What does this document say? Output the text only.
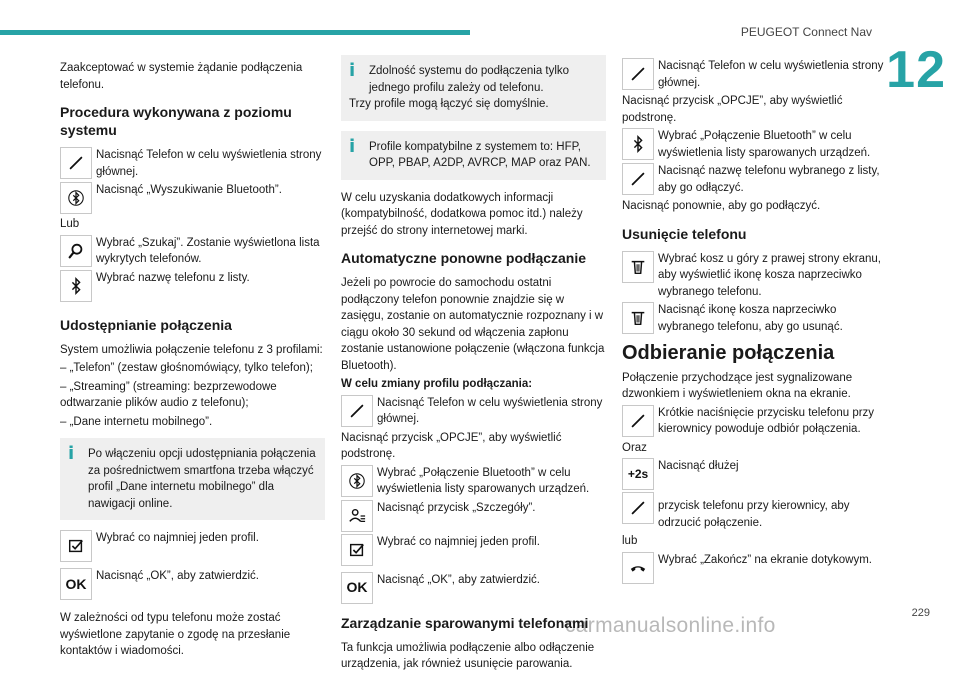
PEUGEOT Connect Nav
12
229
carmanualsonline.info

Zaakceptować w systemie żądanie podłączenia telefonu.

Procedura wykonywana z poziomu systemu
Nacisnąć Telefon w celu wyświetlenia strony głównej.
Nacisnąć „Wyszukiwanie Bluetooth”.
Lub
Wybrać „Szukaj”. Zostanie wyświetlona lista wykrytych telefonów.
Wybrać nazwę telefonu z listy.
Udostępnianie połączenia
System umożliwia połączenie telefonu z 3 profilami:
– „Telefon” (zestaw głośnomówiący, tylko telefon);
– „Streaming” (streaming: bezprzewodowe odtwarzanie plików audio z telefonu);
– „Dane internetu mobilnego”.
i Po włączeniu opcji udostępniania połączenia za pośrednictwem smartfona trzeba włączyć profil „Dane internetu mobilnego” dla nawigacji online.
Wybrać co najmniej jeden profil.
OK Nacisnąć „OK”, aby zatwierdzić.

W zależności od typu telefonu może zostać wyświetlone zapytanie o zgodę na przesłanie kontaktów i wiadomości.

i	Zdolność systemu do podłączenia tylko jednego profilu zależy od telefonu.
Trzy profile mogą łączyć się domyślnie.
i Profile kompatybilne z systemem to: HFP, OPP, PBAP, A2DP, AVRCP, MAP oraz PAN.

W celu uzyskania dodatkowych informacji (kompatybilność, dodatkowa pomoc itd.) należy przejść do strony internetowej marki.

Automatyczne ponowne podłączanie
Jeżeli po powrocie do samochodu ostatni podłączony telefon ponownie znajdzie się w zasięgu, zostanie on automatycznie rozpoznany i w ciągu około 30 sekund od włączenia zapłonu zostanie ustanowione połączenie (włączona funkcja Bluetooth).
W celu zmiany profilu podłączania:
Nacisnąć Telefon w celu wyświetlenia strony głównej.
Nacisnąć przycisk „OPCJE”, aby wyświetlić podstronę.
Wybrać „Połączenie Bluetooth” w celu wyświetlenia listy sparowanych urządzeń.
Nacisnąć przycisk „Szczegóły”.
Wybrać co najmniej jeden profil.
OK Nacisnąć „OK”, aby zatwierdzić.
Zarządzanie sparowanymi telefonami

Ta funkcja umożliwia podłączenie albo odłączenie urządzenia, jak również usunięcie parowania.

Nacisnąć Telefon w celu wyświetlenia strony głównej.
Nacisnąć przycisk „OPCJE”, aby wyświetlić podstronę.
Wybrać „Połączenie Bluetooth” w celu wyświetlenia listy sparowanych urządzeń.
Nacisnąć nazwę telefonu wybranego z listy, aby go odłączyć.
Nacisnąć ponownie, aby go podłączyć.
Usunięcie telefonu
Wybrać kosz u góry z prawej strony ekranu, aby wyświetlić ikonę kosza naprzeciwko wybranego telefonu.
Nacisnąć ikonę kosza naprzeciwko wybranego telefonu, aby go usunąć.
Odbieranie połączenia
Połączenie przychodzące jest sygnalizowane dzwonkiem i wyświetleniem okna na ekranie.
Krótkie naciśnięcie przycisku telefonu przy kierownicy powoduje odbiór połączenia.
Oraz
+2s
Nacisnąć dłużej
przycisk telefonu przy kierownicy, aby odrzucić połączenie.
lub
Wybrać „Zakończ” na ekranie dotykowym.
